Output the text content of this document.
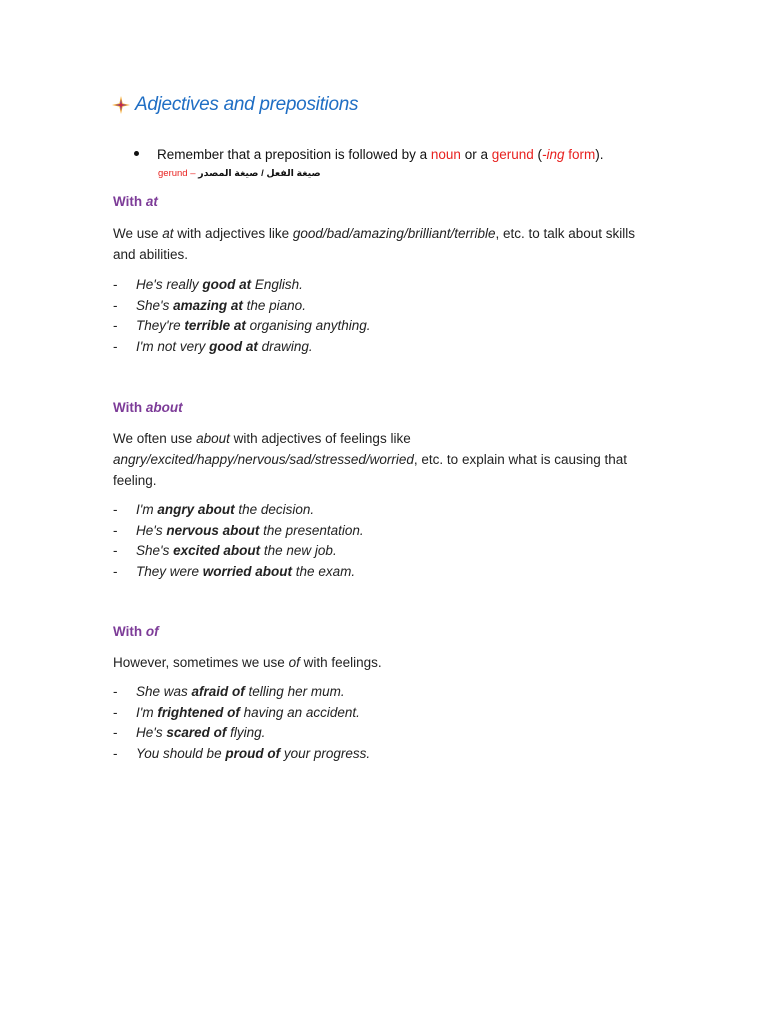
Adjectives and prepositions
Remember that a preposition is followed by a noun or a gerund (-ing form).
gerund – صيغة الفعل / صيغة المصدر
With at
We use at with adjectives like good/bad/amazing/brilliant/terrible, etc. to talk about skills and abilities.
- He's really good at English.
- She's amazing at the piano.
- They're terrible at organising anything.
- I'm not very good at drawing.
With about
We often use about with adjectives of feelings like angry/excited/happy/nervous/sad/stressed/worried, etc. to explain what is causing that feeling.
- I'm angry about the decision.
- He's nervous about the presentation.
- She's excited about the new job.
- They were worried about the exam.
With of
However, sometimes we use of with feelings.
- She was afraid of telling her mum.
- I'm frightened of having an accident.
- He's scared of flying.
- You should be proud of your progress.
